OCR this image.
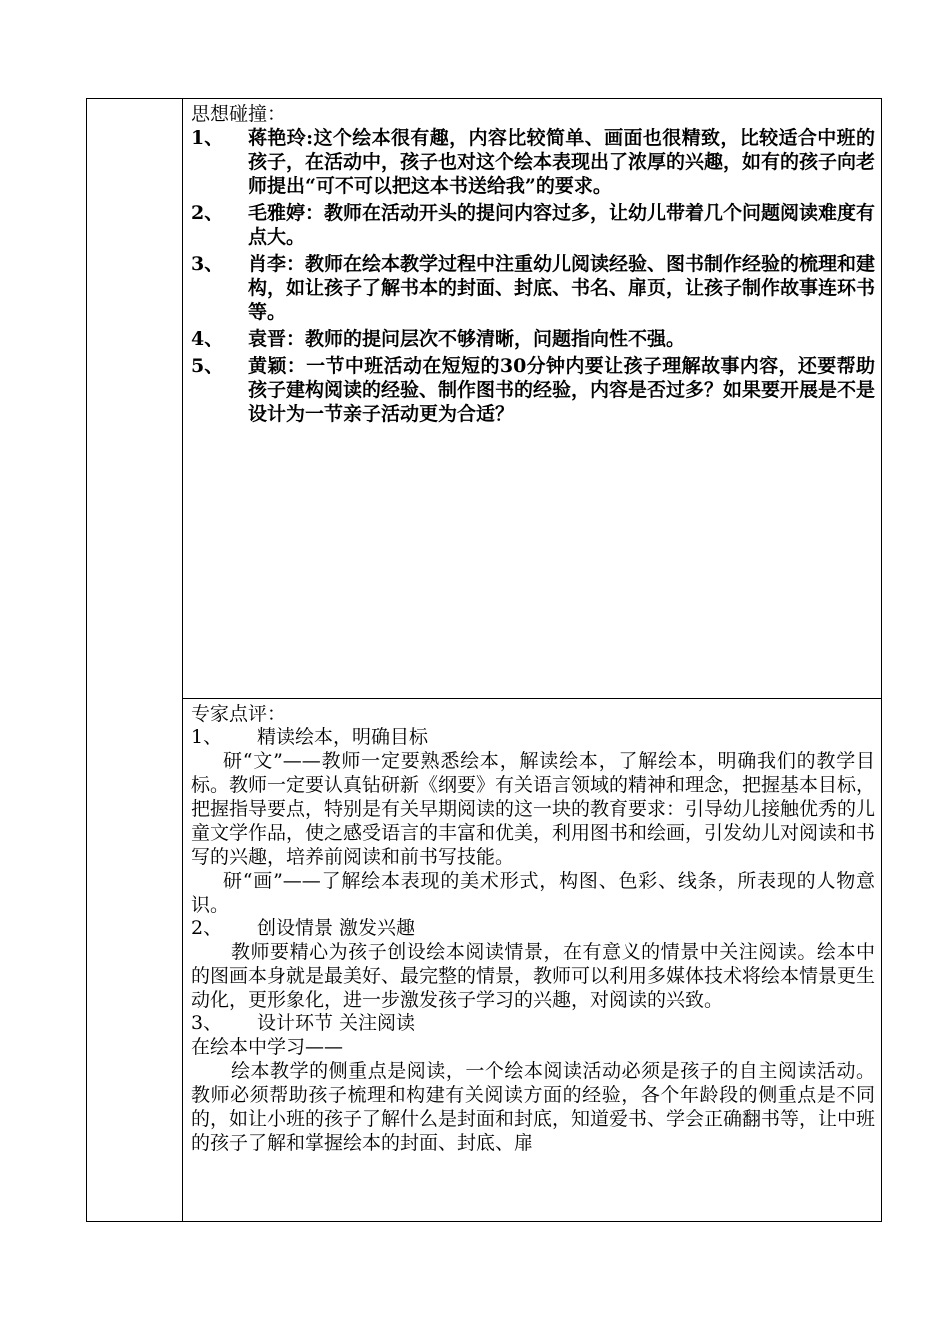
思想碰撞：

1、	蒋艳玲:这个绘本很有趣，内容比较简单、画面也很精致，比较适合中班的孩子，在活动中，孩子也对这个绘本表现出了浓厚的兴趣，如有的孩子向老师提出“可不可以把这本书送给我”的要求。
2、	毛雅婷：教师在活动开头的提问内容过多，让幼儿带着几个问题阅读难度有点大。
3、	肖李：教师在绘本教学过程中注重幼儿阅读经验、图书制作经验的梳理和建构，如让孩子了解书本的封面、封底、书名、扉页，让孩子制作故事连环书等。
4、	袁晋：教师的提问层次不够清晰，问题指向性不强。
5、	黄颖：一节中班活动在短短的30分钟内要让孩子理解故事内容，还要帮助孩子建构阅读的经验、制作图书的经验，内容是否过多？如果要开展是不是设计为一节亲子活动更为合适？

专家点评：

1、 精读绘本，明确目标

研“文”——教师一定要熟悉绘本，解读绘本，了解绘本，明确我们的教学目标。教师一定要认真钻研新《纲要》有关语言领域的精神和理念，把握基本目标，把握指导要点，特别是有关早期阅读的这一块的教育要求：引导幼儿接触优秀的儿童文学作品，使之感受语言的丰富和优美，利用图书和绘画，引发幼儿对阅读和书写的兴趣，培养前阅读和前书写技能。

研“画”——了解绘本表现的美术形式，构图、色彩、线条，所表现的人物意识。

2、 创设情景 激发兴趣

教师要精心为孩子创设绘本阅读情景，在有意义的情景中关注阅读。绘本中的图画本身就是最美好、最完整的情景，教师可以利用多媒体技术将绘本情景更生动化，更形象化，进一步激发孩子学习的兴趣，对阅读的兴致。

3、 设计环节 关注阅读

在绘本中学习——

绘本教学的侧重点是阅读，一个绘本阅读活动必须是孩子的自主阅读活动。教师必须帮助孩子梳理和构建有关阅读方面的经验，各个年龄段的侧重点是不同的，如让小班的孩子了解什么是封面和封底，知道爱书、学会正确翻书等，让中班的孩子了解和掌握绘本的封面、封底、扉
